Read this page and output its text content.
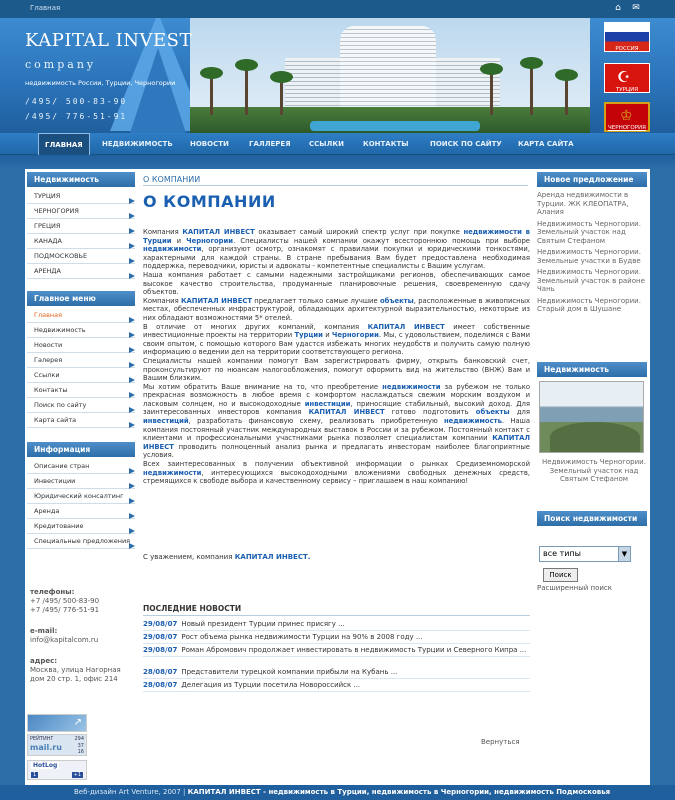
Главная	⌂ ✉
KAPITAL INVEST
company
недвижимость России, Турции, Черногории
/495/ 500-83-90
/495/ 776-51-91
РОССИЯ
☪
ТУРЦИЯ
♔
ЧЕРНОГОРИЯ
ГЛАВНАЯ	НЕДВИЖИМОСТЬ НОВОСТИ	ГАЛЛЕРЕЯ	ССЫЛКИ	КОНТАКТЫ	ПОИСК ПО САЙТУ КАРТА САЙТА
Недвижимость
ТУРЦИЯ
ЧЕРНОГОРИЯ
ГРЕЦИЯ
КАНАДА
ПОДМОСКОВЬЕ
АРЕНДА
Главное меню
Главная
Недвижимость
Новости
Галерея
Ссылки
Контакты
Поиск по сайту
Карта сайта
Информация
Описание стран
Инвестиции
Юридический консалтинг
Аренда
Кредитование
Специальные предложения
телефоны:
+7 /495/ 500-83-90
+7 /495/ 776-51-91
e-mail:
info@kapitalcom.ru
адрес:
Москва, улица Нагорная
дом 20 стр. 1, офис 214
↗
РЕЙТИНГ	294
mail.ru	37
16
HotLog
1	+1
О КОМПАНИИ
О КОМПАНИИ

Компания КАПИТАЛ ИНВЕСТ оказывает самый широкий спектр услуг при покупке недвижимости в Турции и Черногории. Специалисты нашей компании окажут всестороннюю помощь при выборе недвижимости, организуют осмотр, ознакомят с правилами покупки и юридическими тонкостями, характерными для каждой страны. В стране пребывания Вам будет предоставлена необходимая поддержка, переводчики, юристы и адвокаты - компетентные специалисты с Вашим услугам.

Наша компания работает с самыми надежными застройщиками регионов, обеспечивающих самое высокое качество строительства, продуманные планировочные решения, своевременную сдачу объектов.

Компания КАПИТАЛ ИНВЕСТ предлагает только самые лучшие объекты, расположенные в живописных местах, обеспеченных инфраструктурой, обладающих архитектурной выразительностью, некоторые из них обладают возможностями 5* отелей.

В отличие от многих других компаний, компания КАПИТАЛ ИНВЕСТ имеет собственные инвестиционные проекты на территории Турции и Черногории. Мы, с удовольствием, поделимся с Вами своим опытом, с помощью которого Вам удастся избежать многих неудобств и получить самую полную информацию о ведении дел на территории соответствующего региона.

Специалисты нашей компании помогут Вам зарегистрировать фирму, открыть банковский счет, проконсультируют по нюансам налогообложения, помогут оформить вид на жительство (ВНЖ) Вам и Вашим близким.

Мы хотим обратить Ваше внимание на то, что преобретение недвижимости за рубежом не только прекрасная возможность в любое время с комфортом наслаждаться свежим морским воздухом и ласковым солнцем, но и высокодоходные инвестиции, приносящие стабильный, высокий доход. Для заинтересованных инвесторов компания КАПИТАЛ ИНВЕСТ готово подготовить объекты для инвестиций, разработать финансовую схему, реализовать приобретенную недвижимость. Наша компания постоянный участник международных выставок в России и за рубежом. Постоянный контакт с клиентами и профессиональными участниками рынка позволяет специалистам компании КАПИТАЛ ИНВЕСТ проводить полноценный анализ рынка и предлагать инвесторам наиболее благоприятные условия.

Всех заинтересованных в получении объективной информации о рынках Средиземноморской недвижимости, интересующихся высокодоходными вложениями свободных денежных средств, стремящихся к свободе выбора и качественному сервису – приглашаем в наш компанию!

С уважением, компания КАПИТАЛ ИНВЕСТ.
ПОСЛЕДНИЕ НОВОСТИ
29/08/07 Новый президент Турции принес присягу ...
29/08/07 Рост объема рынка недвижимости Турции на 90% в 2008 году ...
29/08/07 Роман Абромович продолжает инвестировать в недвижимость Турции и Северного Кипра ...
28/08/07 Представители турецкой компании прибыли на Кубань ...
28/08/07 Делегация из Турции посетила Новороссийск ...
Вернуться
Новое предложение
Аренда недвижимости в Турции. ЖК КЛЕОПАТРА, Алания
Недвижимость Черногории. Земельный участок над Святым Стефаном
Недвижимость Черногории. Земельные участки в Будве
Недвижимость Черногории. Земельный участок в районе Чань
Недвижимость Черногории. Старый дом в Шушане
Недвижимость
Недвижимость Черногории. Земельный участок над Святым Стефаном
Поиск недвижимости
все типы	▼
Поиск
Расширенный поиск
Веб-дизайн Art Venture, 2007 | КАПИТАЛ ИНВЕСТ - недвижимость в Турции, недвижимость в Черногории, недвижимость Подмосковья
